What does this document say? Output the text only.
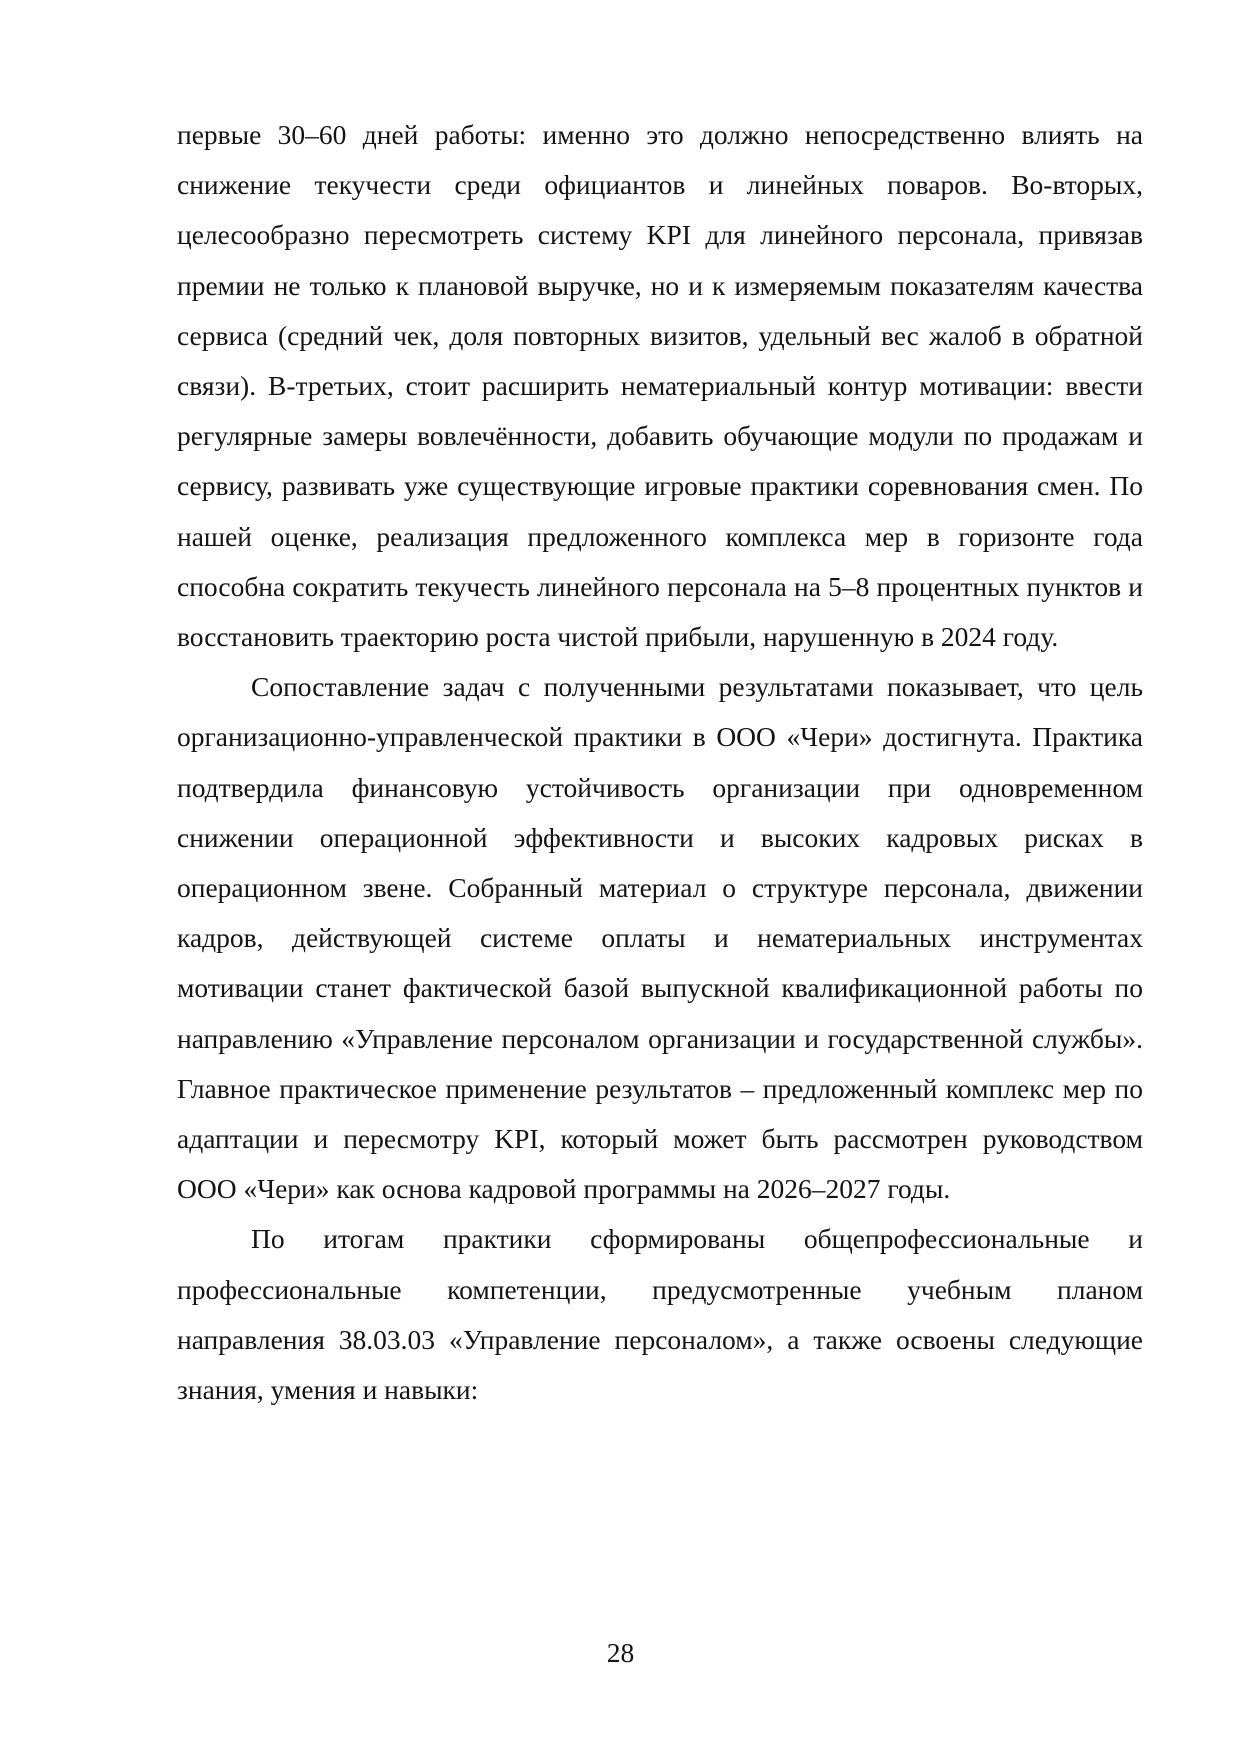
первые 30–60 дней работы: именно это должно непосредственно влиять на снижение текучести среди официантов и линейных поваров. Во-вторых, целесообразно пересмотреть систему KPI для линейного персонала, привязав премии не только к плановой выручке, но и к измеряемым показателям качества сервиса (средний чек, доля повторных визитов, удельный вес жалоб в обратной связи). В-третьих, стоит расширить нематериальный контур мотивации: ввести регулярные замеры вовлечённости, добавить обучающие модули по продажам и сервису, развивать уже существующие игровые практики соревнования смен. По нашей оценке, реализация предложенного комплекса мер в горизонте года способна сократить текучесть линейного персонала на 5–8 процентных пунктов и восстановить траекторию роста чистой прибыли, нарушенную в 2024 году.

Сопоставление задач с полученными результатами показывает, что цель организационно-управленческой практики в ООО «Чери» достигнута. Практика подтвердила финансовую устойчивость организации при одновременном снижении операционной эффективности и высоких кадровых рисках в операционном звене. Собранный материал о структуре персонала, движении кадров, действующей системе оплаты и нематериальных инструментах мотивации станет фактической базой выпускной квалификационной работы по направлению «Управление персоналом организации и государственной службы». Главное практическое применение результатов – предложенный комплекс мер по адаптации и пересмотру KPI, который может быть рассмотрен руководством ООО «Чери» как основа кадровой программы на 2026–2027 годы.

По итогам практики сформированы общепрофессиональные и профессиональные компетенции, предусмотренные учебным планом направления 38.03.03 «Управление персоналом», а также освоены следующие знания, умения и навыки:

28
